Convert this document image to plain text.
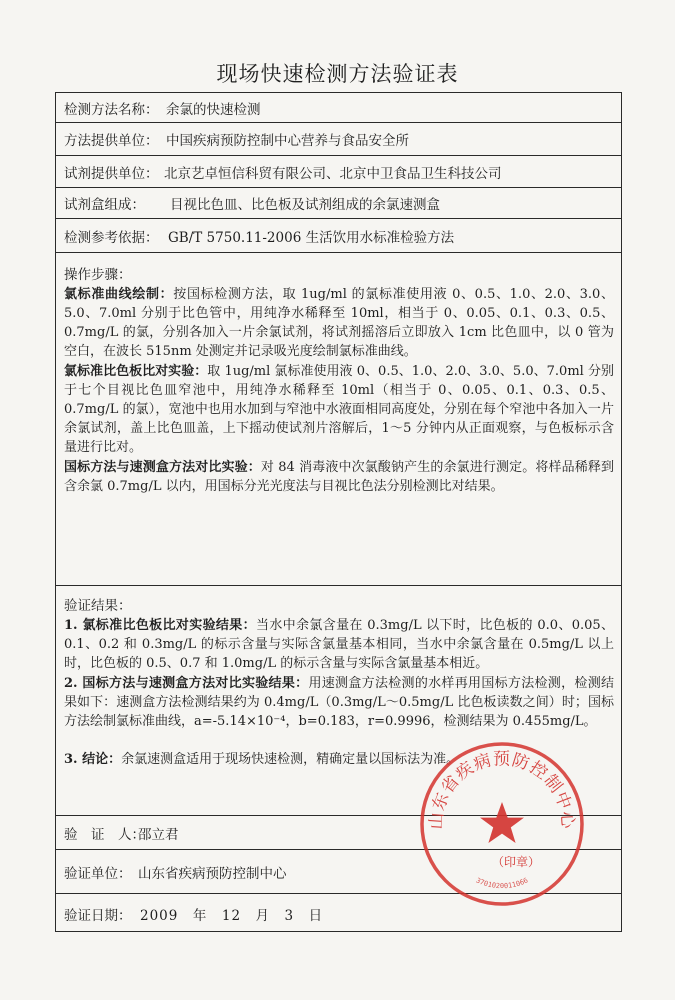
现场快速检测方法验证表
检测方法名称： 余氯的快速检测
方法提供单位： 中国疾病预防控制中心营养与食品安全所
试剂提供单位： 北京艺卓恒信科贸有限公司、北京中卫食品卫生科技公司
试剂盒组成： 目视比色皿、比色板及试剂组成的余氯速测盒
检测参考依据： GB/T 5750.11-2006 生活饮用水标准检验方法
操作步骤：
氯标准曲线绘制：按国标检测方法，取 1ug/ml 的氯标准使用液 0、0.5、1.0、2.0、3.0、5.0、7.0ml 分别于比色管中，用纯净水稀释至 10ml，相当于 0、0.05、0.1、0.3、0.5、0.7mg/L 的氯，分别各加入一片余氯试剂，将试剂摇溶后立即放入 1cm 比色皿中，以 0 管为空白，在波长 515nm 处测定并记录吸光度绘制氯标准曲线。
氯标准比色板比对实验：取 1ug/ml 氯标准使用液 0、0.5、1.0、2.0、3.0、5.0、7.0ml 分别于七个目视比色皿窄池中，用纯净水稀释至 10ml（相当于 0、0.05、0.1、0.3、0.5、0.7mg/L 的氯），宽池中也用水加到与窄池中水液面相同高度处，分别在每个窄池中各加入一片余氯试剂，盖上比色皿盖，上下摇动使试剂片溶解后，1～5 分钟内从正面观察，与色板标示含量进行比对。
国标方法与速测盒方法对比实验：对 84 消毒液中次氯酸钠产生的余氯进行测定。将样品稀释到含余氯 0.7mg/L 以内，用国标分光光度法与目视比色法分别检测比对结果。
验证结果：
1. 氯标准比色板比对实验结果：当水中余氯含量在 0.3mg/L 以下时，比色板的 0.0、0.05、0.1、0.2 和 0.3mg/L 的标示含量与实际含氯量基本相同，当水中余氯含量在 0.5mg/L 以上时，比色板的 0.5、0.7 和 1.0mg/L 的标示含量与实际含氯量基本相近。
2. 国标方法与速测盒方法对比实验结果：用速测盒方法检测的水样再用国标方法检测，检测结果如下：速测盒方法检测结果约为 0.4mg/L（0.3mg/L～0.5mg/L 比色板读数之间）时；国标方法绘制氯标准曲线，a=-5.14×10⁻⁴，b=0.183，r=0.9996，检测结果为 0.455mg/L。
3. 结论：余氯速测盒适用于现场快速检测，精确定量以国标法为准。
验　证　人：
邵立君
验证单位： 山东省疾病预防控制中心
验证日期： 2009　年　12　月　3　日
山东省疾病预防控制中心
3701020011066
（印章）
